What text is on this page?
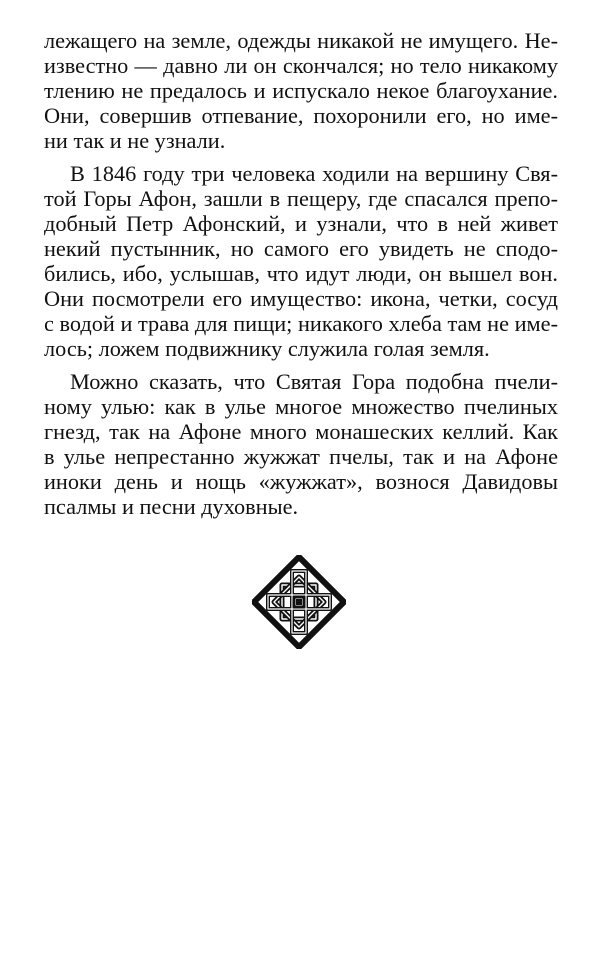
лежащего на земле, одежды никакой не имущего. Не-
известно — давно ли он скончался; но тело никакому
тлению не предалось и испускало некое благоухание.
Они, совершив отпевание, похоронили его, но име-
ни так и не узнали.
В 1846 году три человека ходили на вершину Свя-
той Горы Афон, зашли в пещеру, где спасался препо-
добный Петр Афонский, и узнали, что в ней живет
некий пустынник, но самого его увидеть не сподо-
бились, ибо, услышав, что идут люди, он вышел вон.
Они посмотрели его имущество: икона, четки, сосуд
с водой и трава для пищи; никакого хлеба там не име-
лось; ложем подвижнику служила голая земля.
Можно сказать, что Святая Гора подобна пчели-
ному улью: как в улье многое множество пчелиных
гнезд, так на Афоне много монашеских келлий. Как
в улье непрестанно жужжат пчелы, так и на Афоне
иноки день и нощь «жужжат», вознося Давидовы
псалмы и песни духовные.
